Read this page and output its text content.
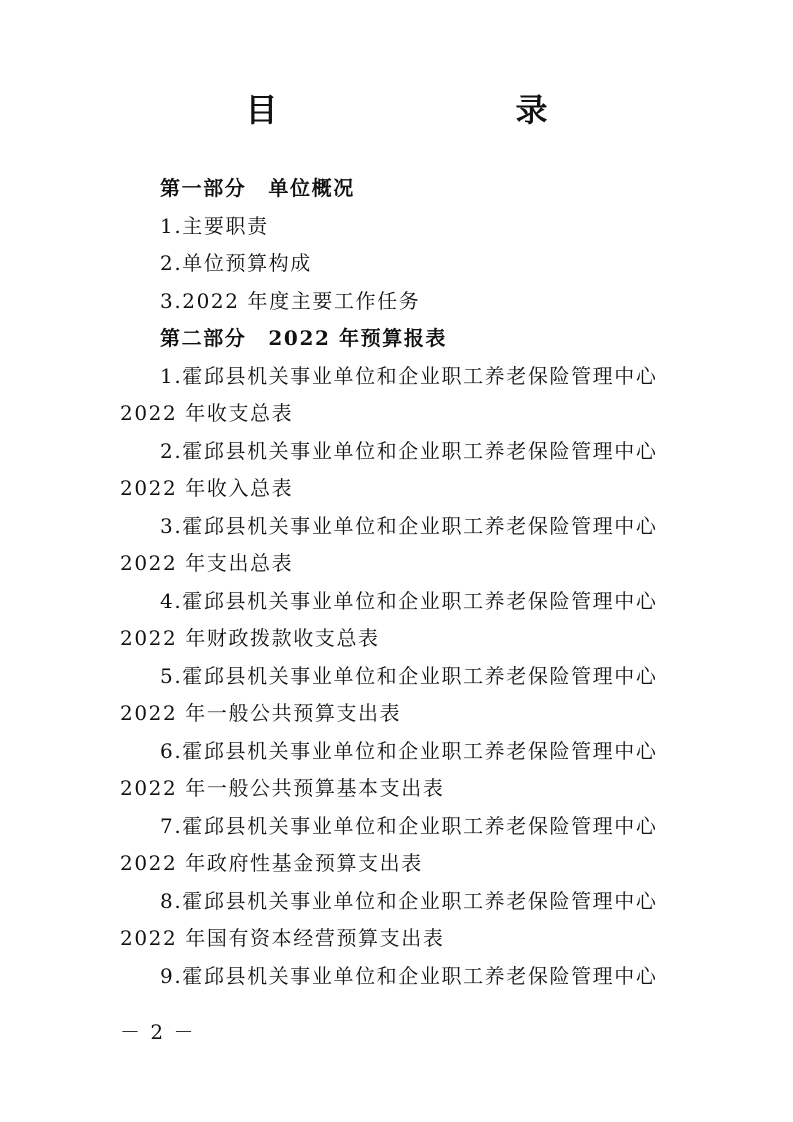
目　　录
第一部分 单位概况
1.主要职责
2.单位预算构成
3.2022 年度主要工作任务
第二部分 2022 年预算报表
1.霍邱县机关事业单位和企业职工养老保险管理中心
2022 年收支总表
2.霍邱县机关事业单位和企业职工养老保险管理中心
2022 年收入总表
3.霍邱县机关事业单位和企业职工养老保险管理中心
2022 年支出总表
4.霍邱县机关事业单位和企业职工养老保险管理中心
2022 年财政拨款收支总表
5.霍邱县机关事业单位和企业职工养老保险管理中心
2022 年一般公共预算支出表
6.霍邱县机关事业单位和企业职工养老保险管理中心
2022 年一般公共预算基本支出表
7.霍邱县机关事业单位和企业职工养老保险管理中心
2022 年政府性基金预算支出表
8.霍邱县机关事业单位和企业职工养老保险管理中心
2022 年国有资本经营预算支出表
9.霍邱县机关事业单位和企业职工养老保险管理中心
－ 2 －
